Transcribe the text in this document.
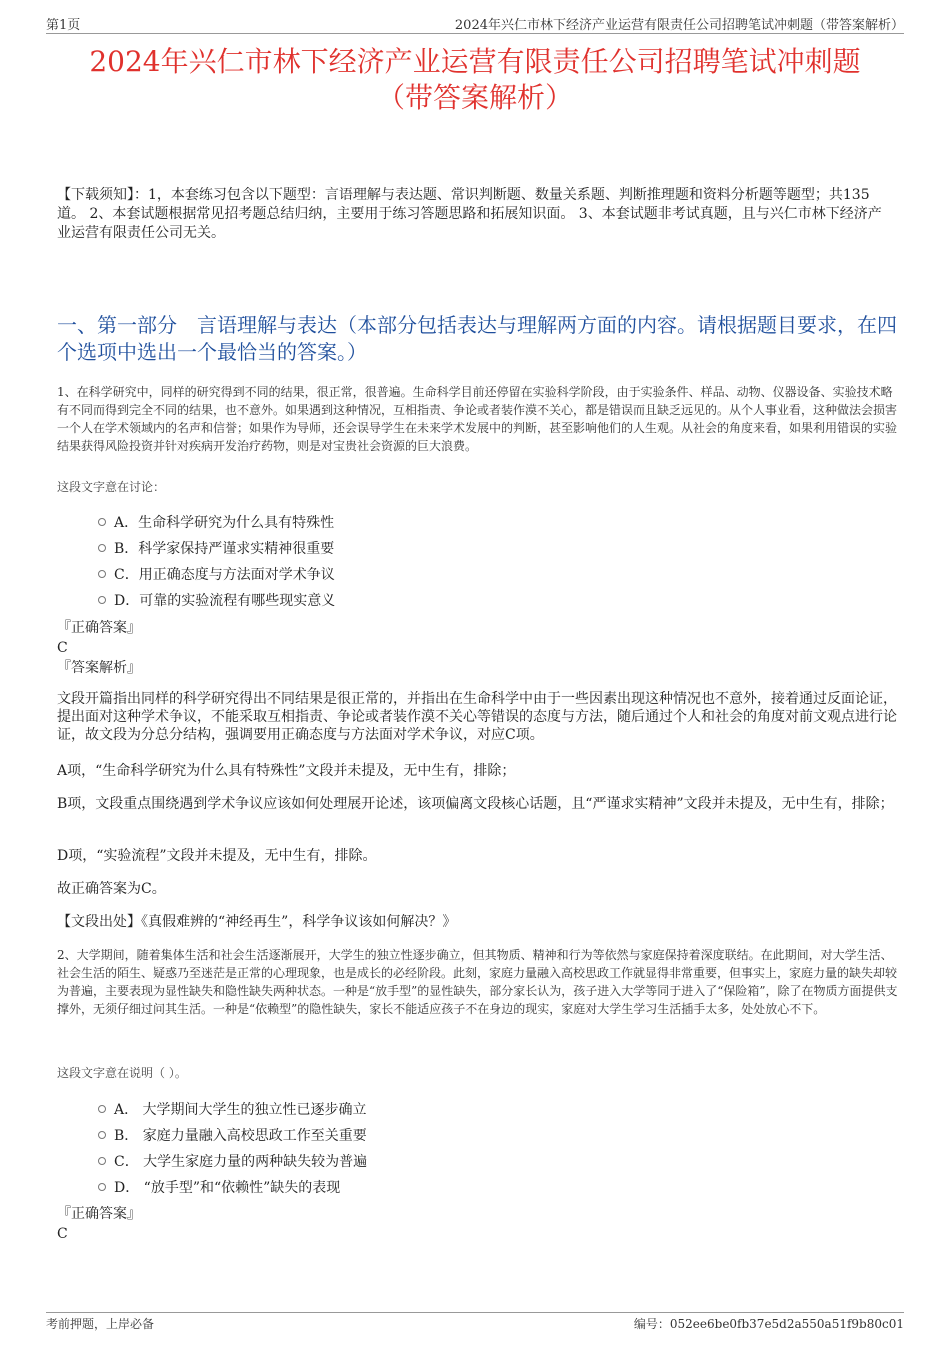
第1页	2024年兴仁市林下经济产业运营有限责任公司招聘笔试冲刺题（带答案解析）
2024年兴仁市林下经济产业运营有限责任公司招聘笔试冲刺题
（带答案解析）
【下载须知】：1，本套练习包含以下题型：言语理解与表达题、常识判断题、数量关系题、判断推理题和资料分析题等题型；共135道。 2、本套试题根据常见招考题总结归纳，主要用于练习答题思路和拓展知识面。 3、本套试题非考试真题，且与兴仁市林下经济产业运营有限责任公司无关。
一、第一部分　言语理解与表达（本部分包括表达与理解两方面的内容。请根据题目要求，在四个选项中选出一个最恰当的答案。）
1、在科学研究中，同样的研究得到不同的结果，很正常，很普遍。生命科学目前还停留在实验科学阶段，由于实验条件、样品、动物、仪器设备、实验技术略有不同而得到完全不同的结果，也不意外。如果遇到这种情况，互相指责、争论或者装作漠不关心，都是错误而且缺乏远见的。从个人事业看，这种做法会损害一个人在学术领域内的名声和信誉；如果作为导师，还会误导学生在未来学术发展中的判断，甚至影响他们的人生观。从社会的角度来看，如果利用错误的实验结果获得风险投资并针对疾病开发治疗药物，则是对宝贵社会资源的巨大浪费。
这段文字意在讨论：
A．生命科学研究为什么具有特殊性
B．科学家保持严谨求实精神很重要
C．用正确态度与方法面对学术争议
D．可靠的实验流程有哪些现实意义
『正确答案』
C
『答案解析』
文段开篇指出同样的科学研究得出不同结果是很正常的，并指出在生命科学中由于一些因素出现这种情况也不意外，接着通过反面论证，提出面对这种学术争议，不能采取互相指责、争论或者装作漠不关心等错误的态度与方法，随后通过个人和社会的角度对前文观点进行论证，故文段为分总分结构，强调要用正确态度与方法面对学术争议，对应C项。
A项，“生命科学研究为什么具有特殊性”文段并未提及，无中生有，排除；
B项，文段重点围绕遇到学术争议应该如何处理展开论述，该项偏离文段核心话题，且“严谨求实精神”文段并未提及，无中生有，排除；
D项，“实验流程”文段并未提及，无中生有，排除。
故正确答案为C。
【文段出处】《真假难辨的“神经再生”，科学争议该如何解决？》
2、大学期间，随着集体生活和社会生活逐渐展开，大学生的独立性逐步确立，但其物质、精神和行为等依然与家庭保持着深度联结。在此期间，对大学生活、社会生活的陌生、疑惑乃至迷茫是正常的心理现象，也是成长的必经阶段。此刻，家庭力量融入高校思政工作就显得非常重要，但事实上，家庭力量的缺失却较为普遍，主要表现为显性缺失和隐性缺失两种状态。一种是“放手型”的显性缺失，部分家长认为，孩子进入大学等同于进入了“保险箱”，除了在物质方面提供支撑外，无须仔细过问其生活。一种是“依赖型”的隐性缺失，家长不能适应孩子不在身边的现实，家庭对大学生学习生活插手太多，处处放心不下。
这段文字意在说明（ ）。
A． 大学期间大学生的独立性已逐步确立
B． 家庭力量融入高校思政工作至关重要
C． 大学生家庭力量的两种缺失较为普遍
D． “放手型”和“依赖性”缺失的表现
『正确答案』
C
考前押题，上岸必备	编号：052ee6be0fb37e5d2a550a51f9b80c01
